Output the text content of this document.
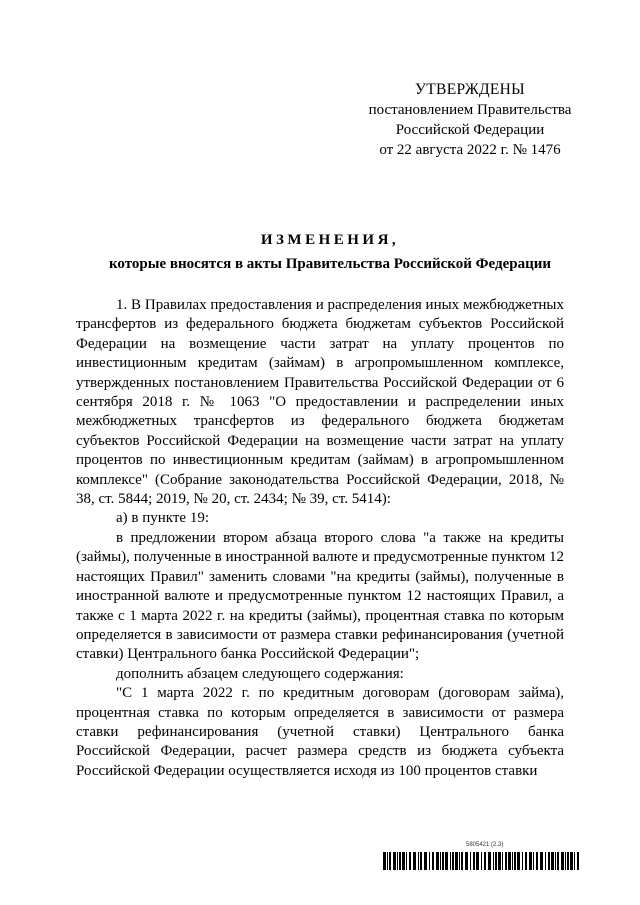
УТВЕРЖДЕНЫ
постановлением Правительства
Российской Федерации
от 22 августа 2022 г. № 1476
ИЗМЕНЕНИЯ,
которые вносятся в акты Правительства Российской Федерации

1. В Правилах предоставления и распределения иных межбюджетных трансфертов из федерального бюджета бюджетам субъектов Российской Федерации на возмещение части затрат на уплату процентов по инвестиционным кредитам (займам) в агропромышленном комплексе, утвержденных постановлением Правительства Российской Федерации от 6 сентября 2018 г. № 1063 "О предоставлении и распределении иных межбюджетных трансфертов из федерального бюджета бюджетам субъектов Российской Федерации на возмещение части затрат на уплату процентов по инвестиционным кредитам (займам) в агропромышленном комплексе" (Собрание законодательства Российской Федерации, 2018, № 38, ст. 5844; 2019, № 20, ст. 2434; № 39, ст. 5414):

а) в пункте 19:

в предложении втором абзаца второго слова "а также на кредиты (займы), полученные в иностранной валюте и предусмотренные пунктом 12 настоящих Правил" заменить словами "на кредиты (займы), полученные в иностранной валюте и предусмотренные пунктом 12 настоящих Правил, а также с 1 марта 2022 г. на кредиты (займы), процентная ставка по которым определяется в зависимости от размера ставки рефинансирования (учетной ставки) Центрального банка Российской Федерации";

дополнить абзацем следующего содержания:

"С 1 марта 2022 г. по кредитным договорам (договорам займа), процентная ставка по которым определяется в зависимости от размера ставки рефинансирования (учетной ставки) Центрального банка Российской Федерации, расчет размера средств из бюджета субъекта Российской Федерации осуществляется исходя из 100 процентов ставки

5805421 (2.3)
